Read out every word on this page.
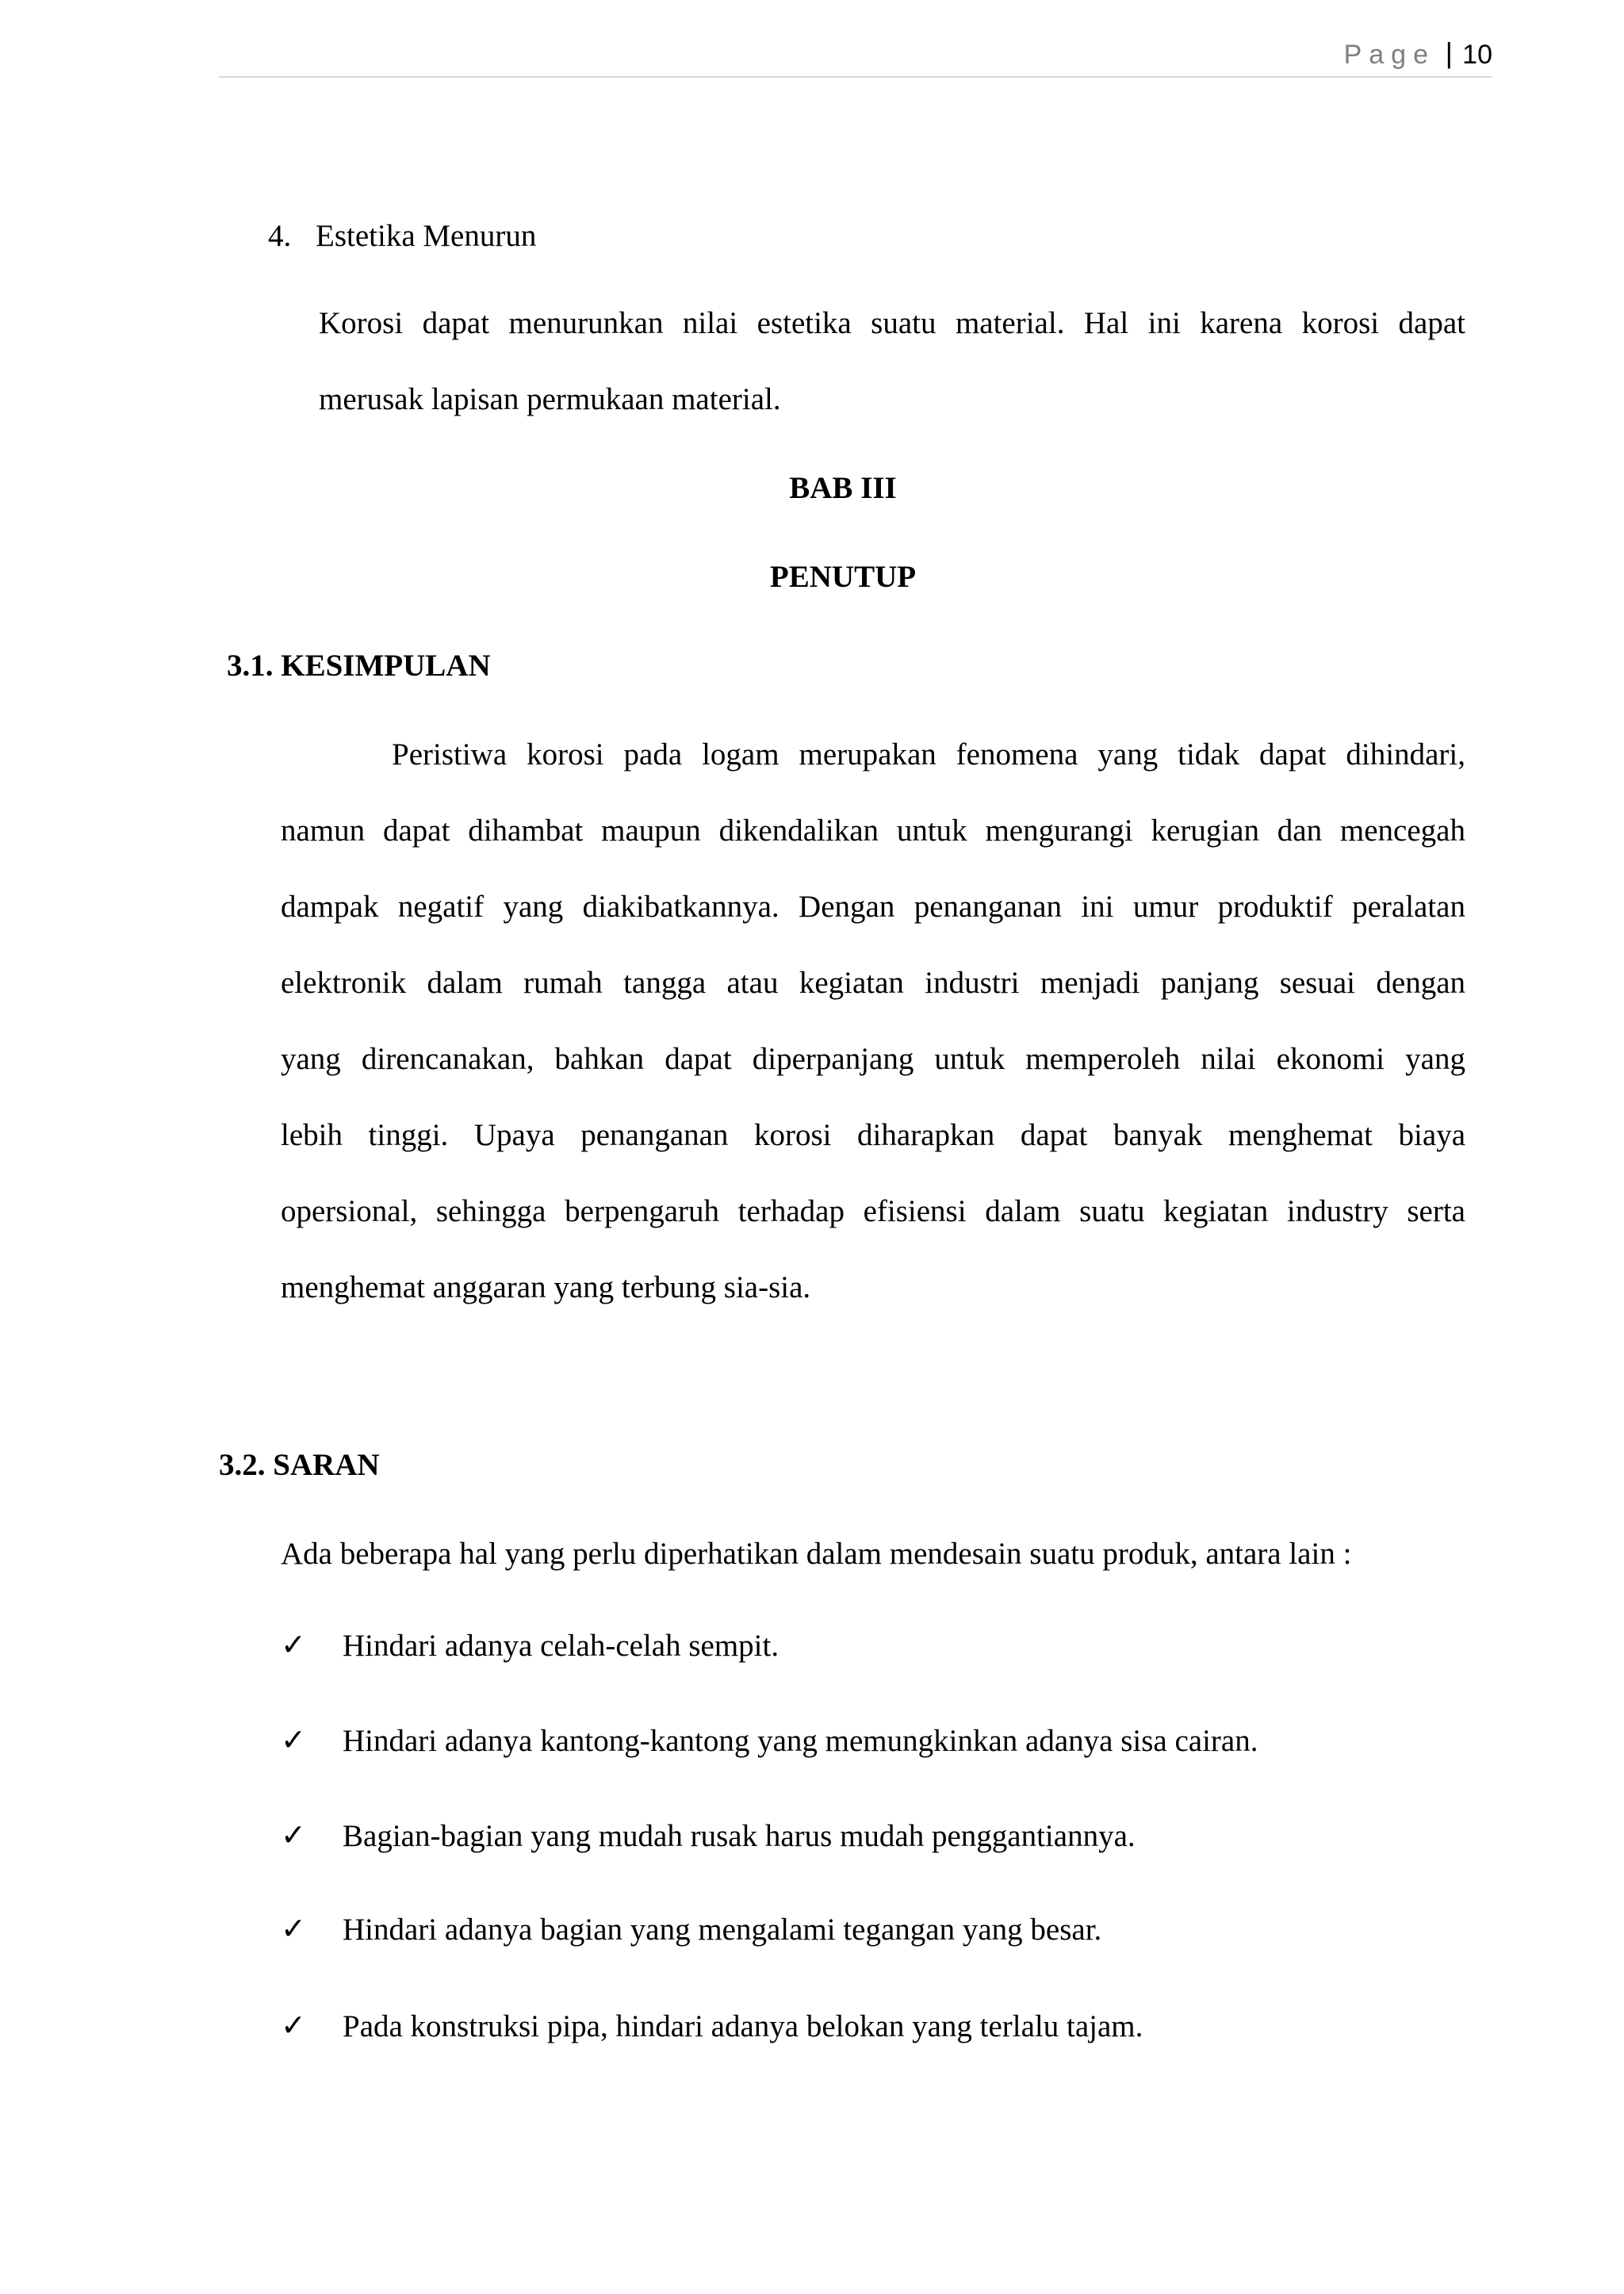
Page | 10
4. Estetika Menurun
Korosi dapat menurunkan nilai estetika suatu material. Hal ini karena korosi dapat
merusak lapisan permukaan material.
BAB III
PENUTUP
3.1. KESIMPULAN
Peristiwa korosi pada logam merupakan fenomena yang tidak dapat dihindari,
namun dapat dihambat maupun dikendalikan untuk mengurangi kerugian dan mencegah
dampak negatif yang diakibatkannya. Dengan penanganan ini umur produktif peralatan
elektronik dalam rumah tangga atau kegiatan industri menjadi panjang sesuai dengan
yang direncanakan, bahkan dapat diperpanjang untuk memperoleh nilai ekonomi yang
lebih tinggi. Upaya penanganan korosi diharapkan dapat banyak menghemat biaya
opersional, sehingga berpengaruh terhadap efisiensi dalam suatu kegiatan industry serta
menghemat anggaran yang terbung sia-sia.
3.2. SARAN
Ada beberapa hal yang perlu diperhatikan dalam mendesain suatu produk, antara lain :
✓ Hindari adanya celah-celah sempit.
✓ Hindari adanya kantong-kantong yang memungkinkan adanya sisa cairan.
✓ Bagian-bagian yang mudah rusak harus mudah penggantiannya.
✓ Hindari adanya bagian yang mengalami tegangan yang besar.
✓ Pada konstruksi pipa, hindari adanya belokan yang terlalu tajam.
